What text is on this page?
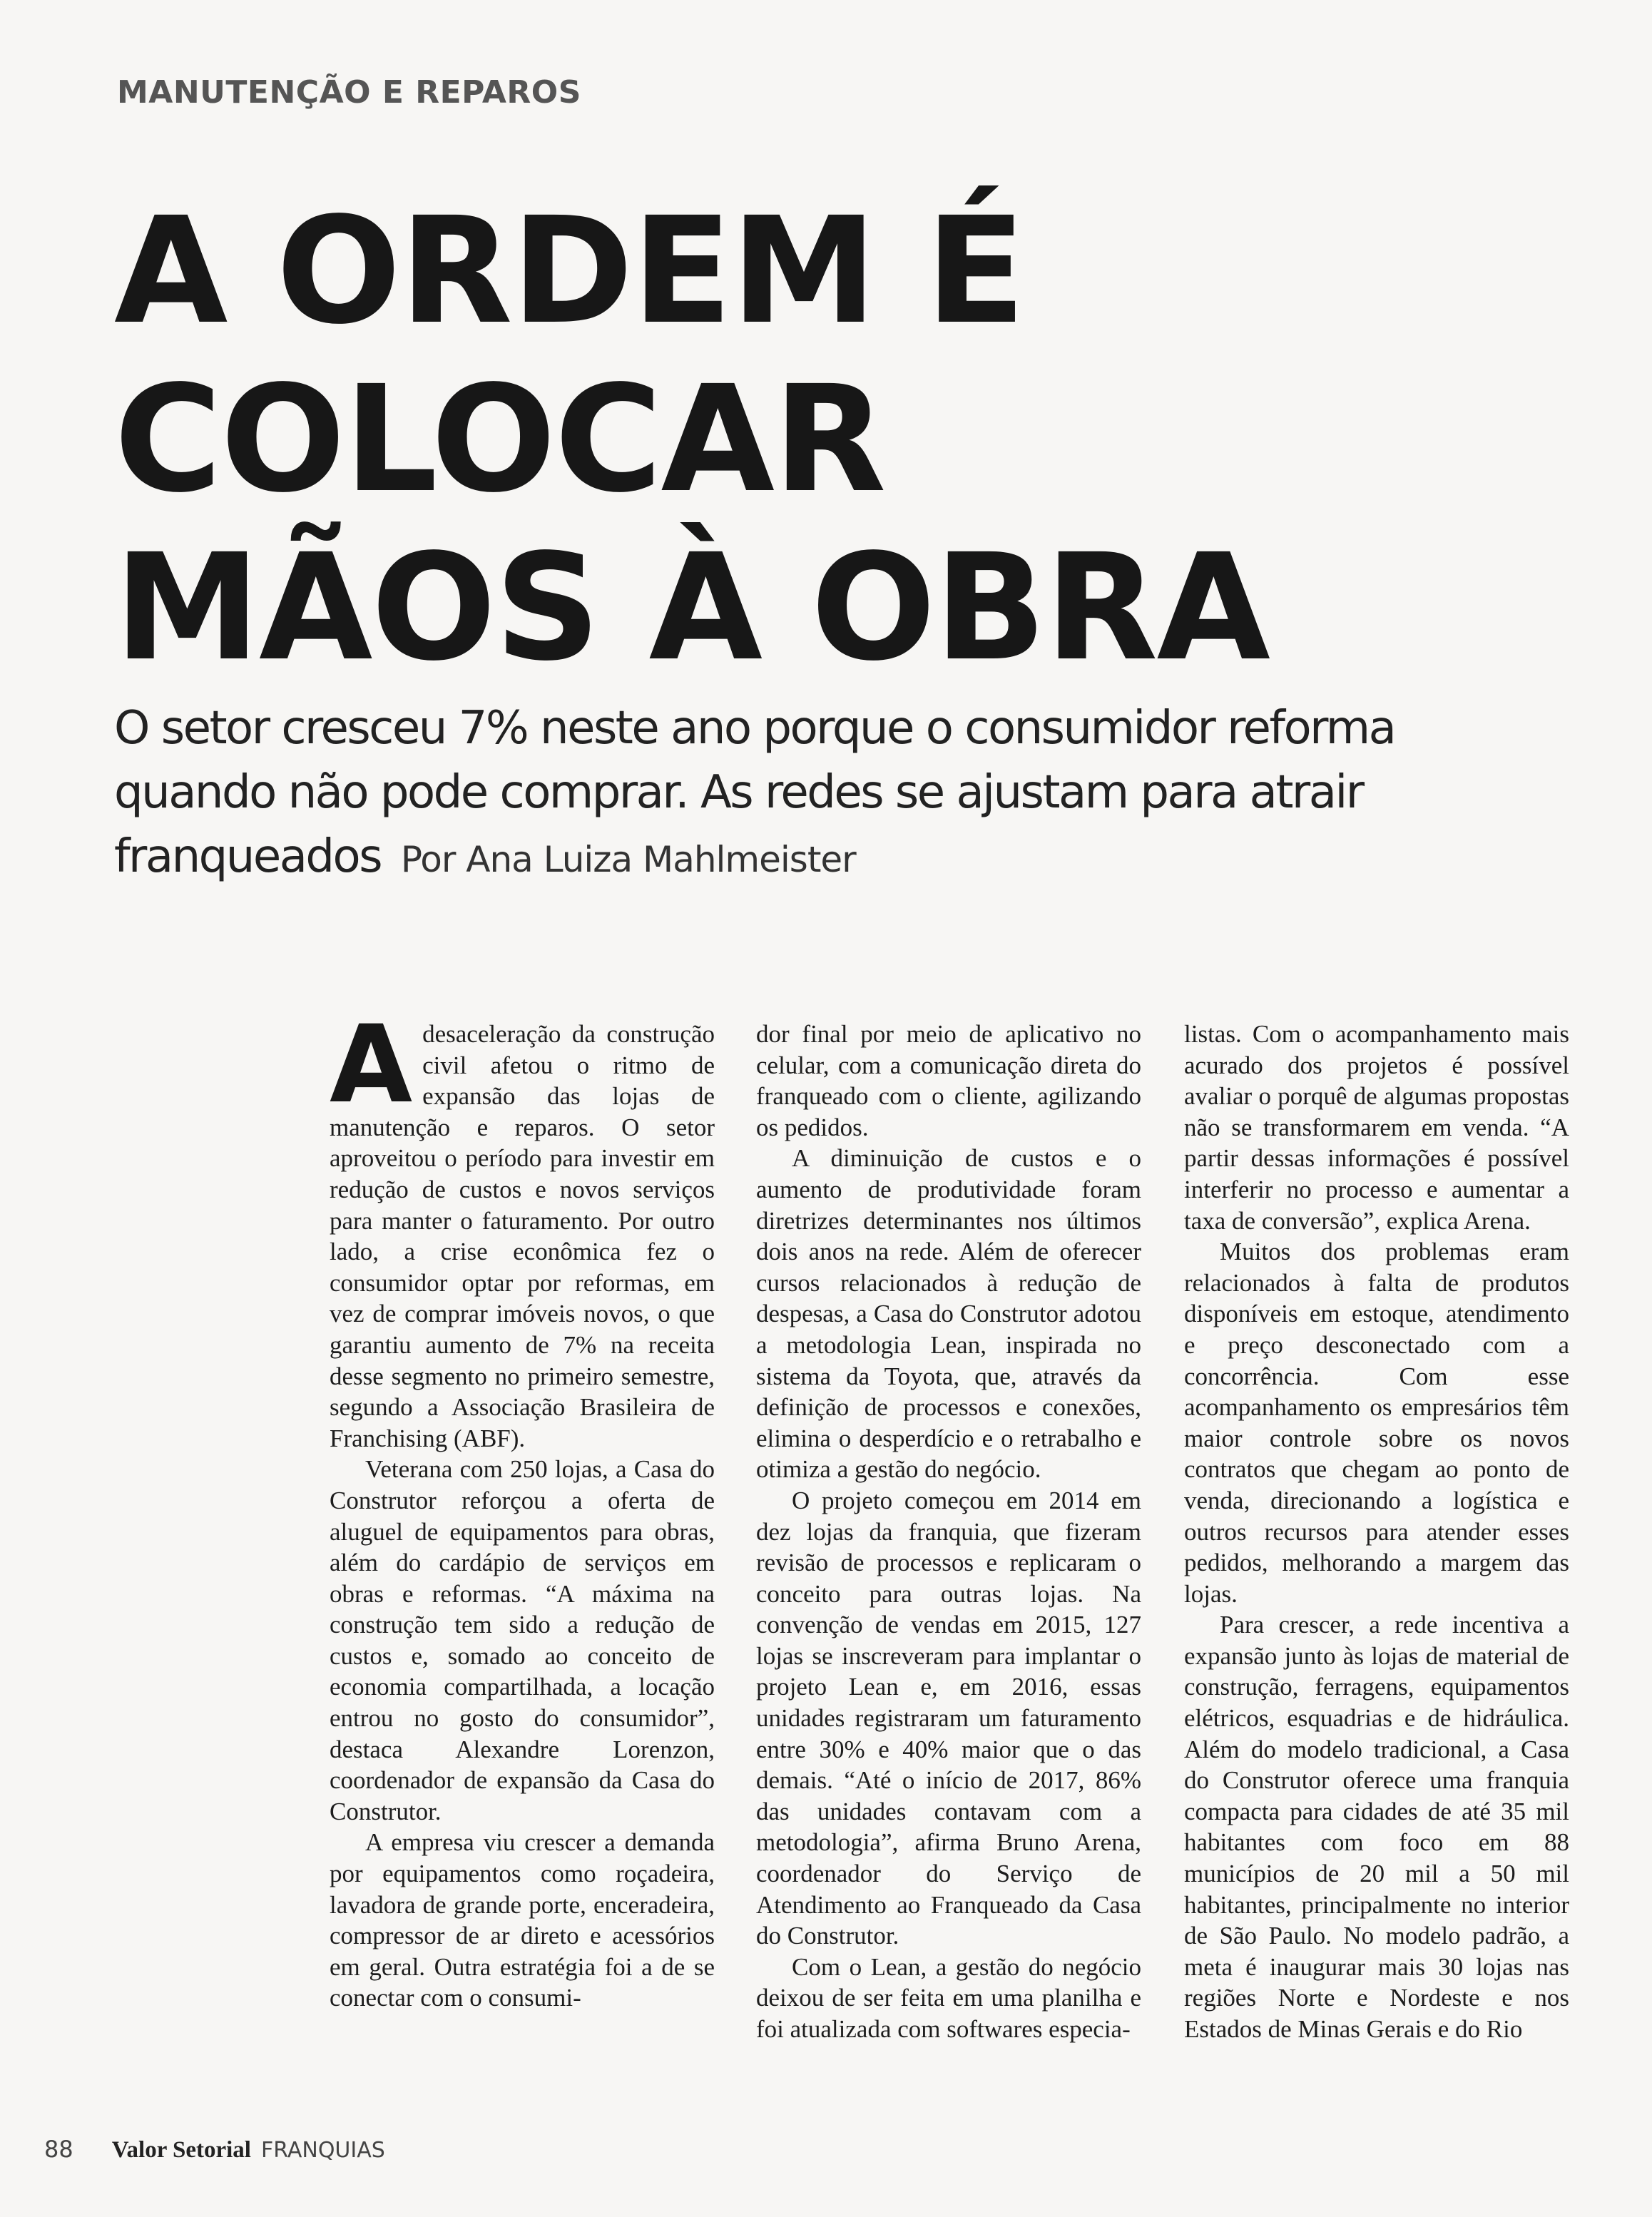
MANUTENÇÃO E REPAROS
A ORDEM É
COLOCAR
MÃOS À OBRA
O setor cresceu 7% neste ano porque o consumidor reforma quando não pode comprar. As redes se ajustam para atrair franqueados Por Ana Luiza Mahlmeister

Adesaceleração da construção civil afetou o ritmo de expansão das lojas de manutenção e reparos. O setor aproveitou o período para investir em redução de custos e novos serviços para manter o faturamento. Por outro lado, a crise econômica fez o consumidor optar por reformas, em vez de comprar imóveis novos, o que garantiu aumento de 7% na receita desse segmento no primeiro semestre, segundo a Associação Brasileira de Franchising (ABF).

Veterana com 250 lojas, a Casa do Construtor reforçou a oferta de aluguel de equipamentos para obras, além do cardápio de serviços em obras e reformas. “A máxima na construção tem sido a redução de custos e, somado ao conceito de economia compartilhada, a locação entrou no gosto do consumidor”, destaca Alexandre Lorenzon, coordenador de expansão da Casa do Construtor.

A empresa viu crescer a demanda por equipamentos como roçadeira, lavadora de grande porte, enceradeira, compressor de ar direto e acessórios em geral. Outra estratégia foi a de se conectar com o consumi-

dor final por meio de aplicativo no celular, com a comunicação direta do franqueado com o cliente, agilizando os pedidos.

A diminuição de custos e o aumento de produtividade foram diretrizes determinantes nos últimos dois anos na rede. Além de oferecer cursos relacionados à redução de despesas, a Casa do Construtor adotou a metodologia Lean, inspirada no sistema da Toyota, que, através da definição de processos e conexões, elimina o desperdício e o retrabalho e otimiza a gestão do negócio.

O projeto começou em 2014 em dez lojas da franquia, que fizeram revisão de processos e replicaram o conceito para outras lojas. Na convenção de vendas em 2015, 127 lojas se inscreveram para implantar o projeto Lean e, em 2016, essas unidades registraram um faturamento entre 30% e 40% maior que o das demais. “Até o início de 2017, 86% das unidades contavam com a metodologia”, afirma Bruno Arena, coordenador do Serviço de Atendimento ao Franqueado da Casa do Construtor.

Com o Lean, a gestão do negócio deixou de ser feita em uma planilha e foi atualizada com softwares especia-

listas. Com o acompanhamento mais acurado dos projetos é possível avaliar o porquê de algumas propostas não se transformarem em venda. “A partir dessas informações é possível interferir no processo e aumentar a taxa de conversão”, explica Arena.

Muitos dos problemas eram relacionados à falta de produtos disponíveis em estoque, atendimento e preço desconectado com a concorrência. Com esse acompanhamento os empresários têm maior controle sobre os novos contratos que chegam ao ponto de venda, direcionando a logística e outros recursos para atender esses pedidos, melhorando a margem das lojas.

Para crescer, a rede incentiva a expansão junto às lojas de material de construção, ferragens, equipamentos elétricos, esquadrias e de hidráulica. Além do modelo tradicional, a Casa do Construtor oferece uma franquia compacta para cidades de até 35 mil habitantes com foco em 88 municípios de 20 mil a 50 mil habitantes, principalmente no interior de São Paulo. No modelo padrão, a meta é inaugurar mais 30 lojas nas regiões Norte e Nordeste e nos Estados de Minas Gerais e do Rio

88 Valor Setorial FRANQUIAS
